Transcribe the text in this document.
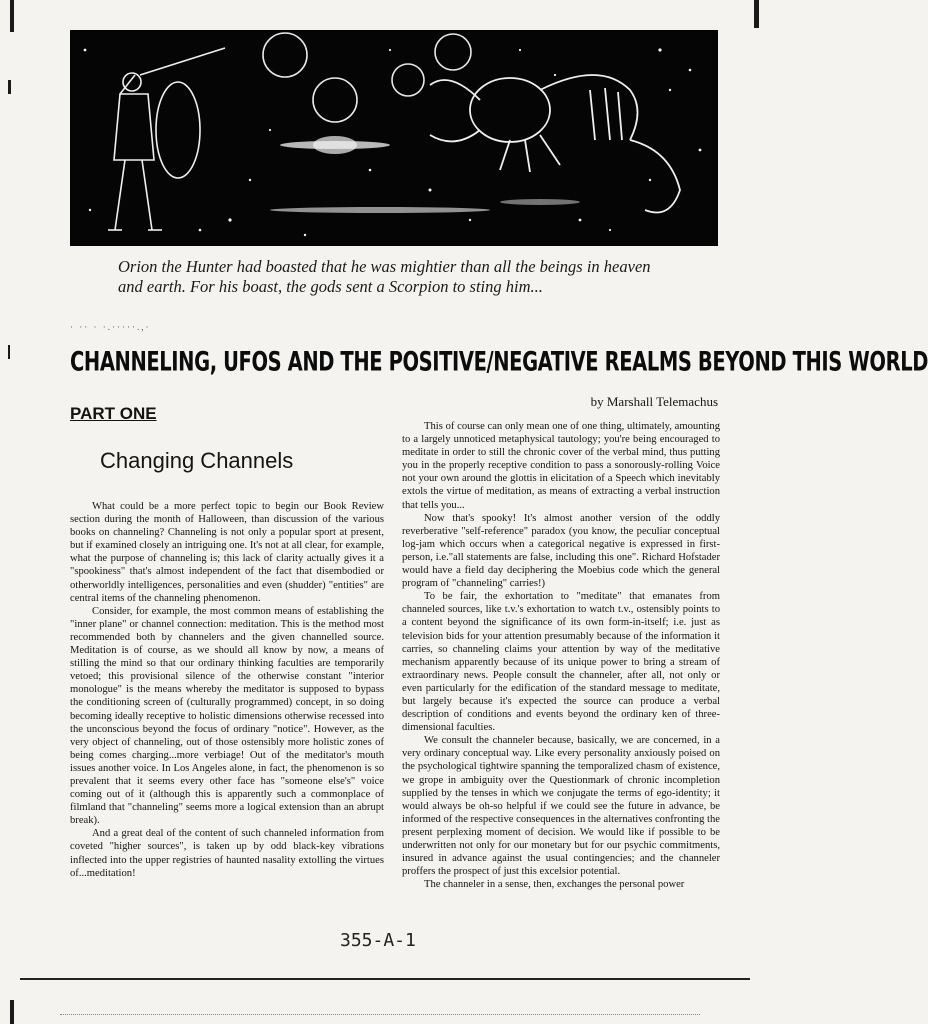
Orion the Hunter had boasted that he was mightier than all the beings in heaven and earth. For his boast, the gods sent a Scorpion to sting him...
· ·· · ·.·····.,·
CHANNELING, UFOS AND THE POSITIVE/NEGATIVE REALMS BEYOND THIS WORLD
by Marshall Telemachus
PART ONE
Changing Channels

What could be a more perfect topic to begin our Book Review section during the month of Halloween, than discussion of the various books on channeling? Channeling is not only a popular sport at present, but if examined closely an intriguing one. It's not at all clear, for example, what the purpose of channeling is; this lack of clarity actually gives it a "spookiness" that's almost independent of the fact that disembodied or otherworldly intelligences, personalities and even (shudder) "entities" are central items of the channeling phenomenon.

Consider, for example, the most common means of establishing the "inner plane" or channel connection: meditation. This is the method most recommended both by channelers and the given channelled source. Meditation is of course, as we should all know by now, a means of stilling the mind so that our ordinary thinking faculties are temporarily vetoed; this provisional silence of the otherwise constant "interior monologue" is the means whereby the meditator is supposed to bypass the conditioning screen of (culturally programmed) concept, in so doing becoming ideally receptive to holistic dimensions otherwise recessed into the unconscious beyond the focus of ordinary "notice". However, as the very object of channeling, out of those ostensibly more holistic zones of being comes charging...more verbiage! Out of the meditator's mouth issues another voice. In Los Angeles alone, in fact, the phenomenon is so prevalent that it seems every other face has "someone else's" voice coming out of it (although this is apparently such a commonplace of filmland that "channeling" seems more a logical extension than an abrupt break).

And a great deal of the content of such channeled information from coveted "higher sources", is taken up by odd black-key vibrations inflected into the upper registries of haunted nasality extolling the virtues of...meditation!

This of course can only mean one of one thing, ultimately, amounting to a largely unnoticed metaphysical tautology; you're being encouraged to meditate in order to still the chronic cover of the verbal mind, thus putting you in the properly receptive condition to pass a sonorously-rolling Voice not your own around the glottis in elicitation of a Speech which inevitably extols the virtue of meditation, as means of extracting a verbal instruction that tells you...

Now that's spooky! It's almost another version of the oddly reverberative "self-reference" paradox (you know, the peculiar conceptual log-jam which occurs when a categorical negative is expressed in first-person, i.e."all statements are false, including this one". Richard Hofstader would have a field day deciphering the Moebius code which the general program of "channeling" carries!)

To be fair, the exhortation to "meditate" that emanates from channeled sources, like t.v.'s exhortation to watch t.v., ostensibly points to a content beyond the significance of its own form-in-itself; i.e. just as television bids for your attention presumably because of the information it carries, so channeling claims your attention by way of the meditative mechanism apparently because of its unique power to bring a stream of extraordinary news. People consult the channeler, after all, not only or even particularly for the edification of the standard message to meditate, but largely because it's expected the source can produce a verbal description of conditions and events beyond the ordinary ken of three-dimensional faculties.

We consult the channeler because, basically, we are concerned, in a very ordinary conceptual way. Like every personality anxiously poised on the psychological tightwire spanning the temporalized chasm of existence, we grope in ambiguity over the Questionmark of chronic incompletion supplied by the tenses in which we conjugate the terms of ego-identity; it would always be oh-so helpful if we could see the future in advance, be informed of the respective consequences in the alternatives confronting the present perplexing moment of decision. We would like if possible to be underwritten not only for our monetary but for our psychic commitments, insured in advance against the usual contingencies; and the channeler proffers the prospect of just this excelsior potential.

The channeler in a sense, then, exchanges the personal power

355-A-1
